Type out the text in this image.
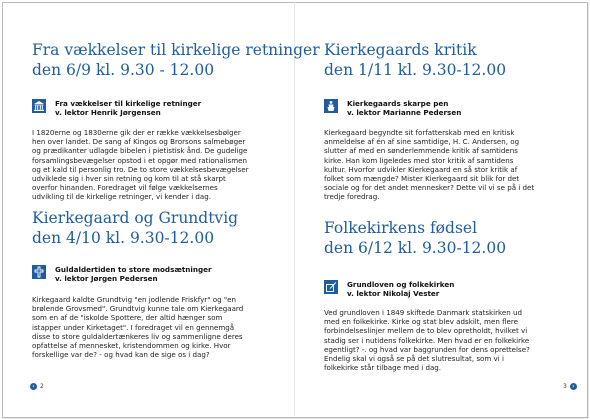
Fra vækkelser til kirkelige retninger
den 6/9 kl. 9.30 - 12.00
Fra vækkelser til kirkelige retninger
v. lektor Henrik Jørgensen
I 1820erne og 1830erne gik der er række vækkelsesbølger
hen over landet. De sang af Kingos og Brorsons salmebøger
og prædikanter udlagde bibelen i pietistisk ånd. De gudelige
forsamlingsbevægelser opstod i et opgør med rationalismen
og et kald til personlig tro. De to store vækkelsesbevægelser
udviklede sig i hver sin retning og kom til at stå skarpt
overfor hinanden. Foredraget vil følge vækkelsernes
udvikling til de kirkelige retninger, vi kender i dag.
Kierkegaard og Grundtvig
den 4/10 kl. 9.30-12.00
Guldaldertiden to store modsætninger
v. lektor Jørgen Pedersen
Kirkegaard kaldte Grundtvig "en jodlende Friskfyr" og "en
brølende Grovsmed". Grundtvig kunne tale om Kierkegaard
som en af de "iskolde Spottere, der altid hænger som
istapper under Kirketaget". I foredraget vil en gennemgå
disse to store guldaldertænkeres liv og sammenligne deres
opfattelse af mennesket, kristendommen og kirke. Hvor
forskellige var de? - og hvad kan de sige os i dag?
‹ 2
Kierkegaards kritik
den 1/11 kl. 9.30-12.00
Kierkegaards skarpe pen
v. lektor Marianne Pedersen
Kierkegaard begyndte sit forfatterskab med en kritisk
anmeldelse af én af sine samtidige, H. C. Andersen, og
slutter af med en sønderlemmende kritik af samtidens
kirke. Han kom ligeledes med stor kritik af samtidens
kultur. Hvorfor udvikler Kierkegaard en så stor kritik af
folket som mængde? Mister Kierkegaard sit blik for det
sociale og for det andet mennesker? Dette vil vi se på i det
tredje foredrag.
Folkekirkens fødsel
den 6/12 kl. 9.30-12.00
Grundloven og folkekirken
v. lektor Nikolaj Vester
Ved grundloven i 1849 skiftede Danmark statskirken ud
med en folkekirke. Kirke og stat blev adskilt, men flere
forbindelseslinjer mellem de to blev opretholdt, hvilket vi
stadig ser i nutidens folkekirke. Men hvad er en folkekirke
egentligt? -. og hvad var baggrunden for dens oprettelse?
Endelig skal vi også se på det slutresultat, som vi i
folkekirke står tilbage med i dag.
3 ›
